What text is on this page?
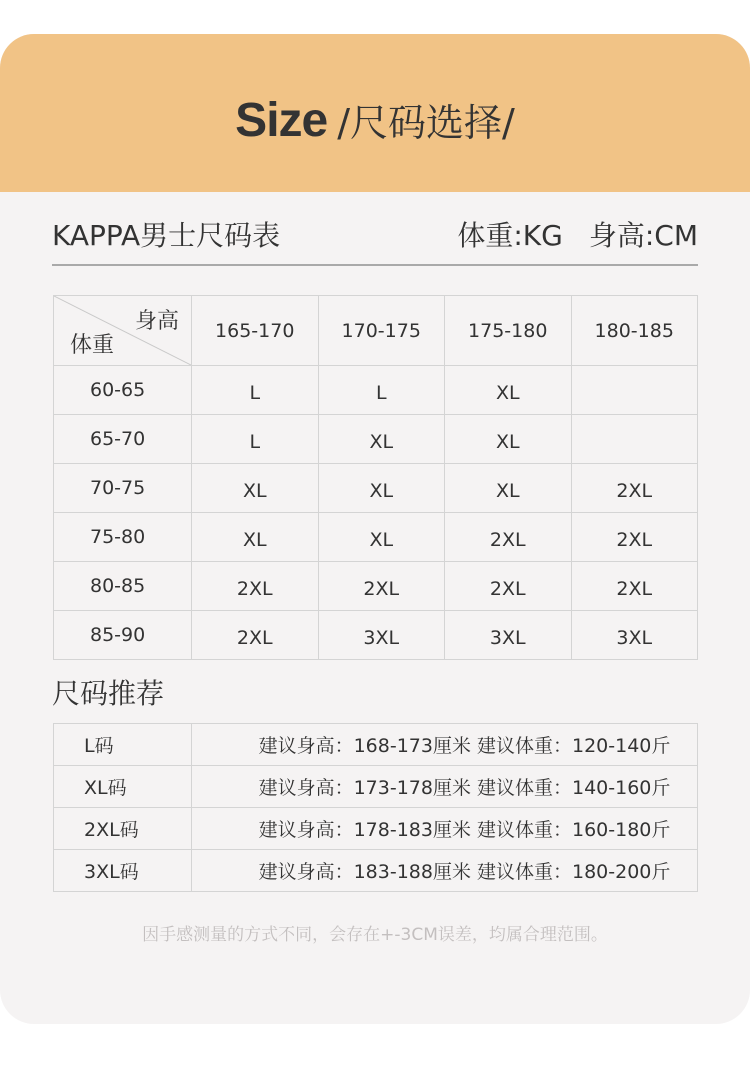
Size /尺码选择/
KAPPA男士尺码表	体重:KG 身高:CM
身高
体重	165-170	170-175	175-180	180-185
60-65	L	L	XL	
65-70	L	XL	XL	
70-75	XL	XL	XL	2XL
75-80	XL	XL	2XL	2XL
80-85	2XL	2XL	2XL	2XL
85-90	2XL	3XL	3XL	3XL
尺码推荐
L码	建议身高：168-173厘米 建议体重：120-140斤
XL码	建议身高：173-178厘米 建议体重：140-160斤
2XL码	建议身高：178-183厘米 建议体重：160-180斤
3XL码	建议身高：183-188厘米 建议体重：180-200斤
因手感测量的方式不同，会存在+-3CM误差，均属合理范围。
